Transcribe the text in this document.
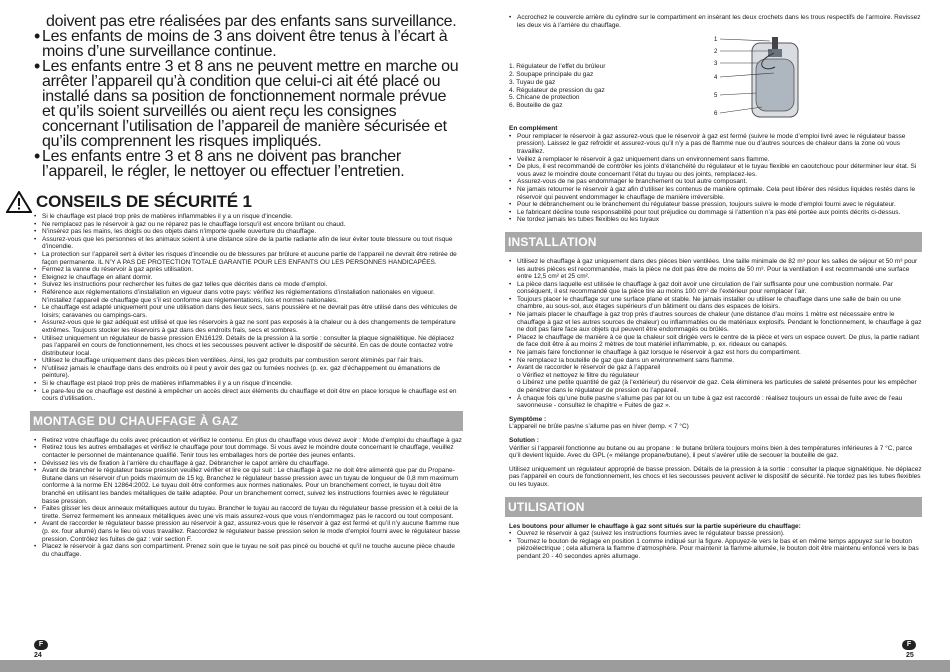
doivent pas etre réalisées par des enfants sans surveillance.
• Les enfants de moins de 3 ans doivent être tenus à l’écart à moins d’une surveillance continue.
• Les enfants entre 3 et 8 ans ne peuvent mettre en marche ou arrêter l’appareil qu’à condition que celui-ci ait été placé ou installé dans sa position de fonctionnement normale prévue et qu’ils soient surveillés ou aient reçu les consignes concernant l’utilisation de l’appareil de manière sécurisée et qu’ils comprennent les risques impliqués.
• Les enfants entre 3 et 8 ans ne doivent pas brancher l’appareil, le régler, le nettoyer ou effectuer l’entretien.
CONSEILS DE SÉCURITÉ 1
• Si le chauffage est placé trop près de matières inflammables il y a un risque d’incendie.
• Ne remplacez pas le réservoir à gaz ou ne réparez pas le chauffage lorsqu’il est encore brûlant ou chaud.
• N’insérez pas les mains, les doigts ou des objets dans n’importe quelle ouverture du chauffage.
• Assurez-vous que les personnes et les animaux soient à une distance sûre de la partie radiante afin de leur éviter toute blessure ou tout risque d’incendie.
• La protection sur l’appareil sert à éviter les risques d’incendie ou de blessures par brûlure et aucune partie de l’appareil ne devrait être retirée de façon permanente. IL N’Y A PAS DE PROTECTION TOTALE GARANTIE POUR LES ENFANTS OU LES PERSONNES HANDICAPÉES.
• Fermez la vanne du réservoir à gaz après utilisation.
• Eteignez le chauffage en allant dormir.
• Suivez les instructions pour rechercher les fuites de gaz telles que décrites dans ce mode d’emploi.
• Référence aux réglementations d’installation en vigueur dans votre pays: vérifiez les réglementations d’installation nationales en vigueur. N’installez l’appareil de chauffage que s’il est conforme aux réglementations, lois et normes nationales.
• Le chauffage est adapté uniquement pour une utilisation dans des lieux secs, sans poussière et ne devrait pas être utilisé dans des véhicules de loisirs; caravanes ou campings-cars.
• Assurez-vous que le gaz adéquat est utilisé et que les réservoirs à gaz ne sont pas exposés à la chaleur ou à des changements de température extrêmes. Toujours stocker les réservoirs à gaz dans des endroits frais, secs et sombres.
• Utilisez uniquement un régulateur de basse pression EN16129. Détails de la pression à la sortie : consulter la plaque signalétique. Ne déplacez pas l’appareil en cours de fonctionnement, les chocs et les secousses peuvent activer le dispositif de sécurité. En cas de doute contactez votre distributeur local.
• Utilisez le chauffage uniquement dans des pièces bien ventilées. Ainsi, les gaz produits par combustion seront éliminés par l’air frais.
• N’utilisez jamais le chauffage dans des endroits où il peut y avoir des gaz ou fumées nocives (p. ex. gaz d’échappement ou émanations de peinture).
• Si le chauffage est placé trop près de matières inflammables il y a un risque d’incendie.
• Le pare-feu de ce chauffage est destiné à empêcher un accès direct aux éléments du chauffage et doit être en place lorsque le chauffage est en cours d’utilisation..
MONTAGE DU CHAUFFAGE À GAZ
• Retirez votre chauffage du colis avec précaution et vérifiez le contenu. En plus du chauffage vous devez avoir : Mode d’emploi du chauffage à gaz
• Retirez tous les autres emballages et vérifiez le chauffage pour tout dommage. Si vous avez le moindre doute concernant le chauffage, veuillez contacter le personnel de maintenance qualifié. Tenir tous les emballages hors de portée des jeunes enfants.
• Dévissez les vis de fixation à l’arrière du chauffage à gaz. Débrancher le capot arrière du chauffage.
• Avant de brancher le régulateur basse pression veuillez vérifier et lire ce qui suit : Le chauffage à gaz ne doit être alimenté que par du Propane-Butane dans un réservoir d’un poids maximum de 15 kg. Branchez le régulateur basse pression avec un tuyau de longueur de 0,8 mm maximum conforme à la norme EN 12864:2002. Le tuyau doit être conformes aux normes nationales. Pour un branchement correct, le tuyau doit être branché en utilisant les bandes métalliques de taille adaptée. Pour un branchement correct, suivez les instructions fournies avec le régulateur basse pression.
• Faites glisser les deux anneaux métalliques autour du tuyau. Brancher le tuyau au raccord de tuyau du régulateur basse pression et à celui de la tirette. Serrez fermement les anneaux métalliques avec une vis mais assurez-vous que vous n’endommagez pas le raccord ou tout composant.
• Avant de raccorder le régulateur basse pression au réservoir à gaz, assurez-vous que le réservoir à gaz est fermé et qu’il n’y aucune flamme nue (p. ex. four allumé) dans le lieu où vous travaillez. Raccordez le régulateur basse pression selon le mode d’emploi fourni avec le régulateur basse pression. Contrôlez les fuites de gaz : voir section F.
• Placez le réservoir à gaz dans son compartiment. Prenez soin que le tuyau ne soit pas pincé ou bouché et qu’il ne touche aucune pièce chaude du chauffage.
• Accrochez le couvercle arrière du cylindre sur le compartiment en insérant les deux crochets dans les trous respectifs de l’armoire. Revissez les deux vis à l’arrière du chauffage.
1. Régulateur de l’effet du brûleur
2. Soupape principale du gaz
3. Tuyau de gaz
4. Régulateur de pression du gaz
5. Chicane de protection
6. Bouteille de gaz
1
2
3
4
5
6

En complément

• Pour remplacer le réservoir à gaz assurez-vous que le réservoir à gaz est fermé (suivre le mode d’emploi livré avec le régulateur basse pression). Laissez le gaz refroidir et assurez-vous qu’il n’y a pas de flamme nue ou d’autres sources de chaleur dans la zone où vous travaillez.
• Veillez à remplacer le réservoir à gaz uniquement dans un environnement sans flamme.
• De plus, il est recommandé de contrôler les joints d’étanchéité du régulateur et le tuyau flexible en caoutchouc pour déterminer leur état. Si vous avez le moindre doute concernant l’état du tuyau ou des joints, remplacez-les.
• Assurez-vous de ne pas endommager le branchement ou tout autre composant.
• Ne jamais retourner le réservoir à gaz afin d’utiliser les contenus de manière optimale. Cela peut libérer des résidus liquides restés dans le réservoir qui peuvent endommager le chauffage de manière irréversible.
• Pour le débranchement ou le branchement du régulateur basse pression, toujours suivre le mode d’emploi fourni avec le régulateur.
• Le fabricant décline toute responsabilité pour tout préjudice ou dommage si l’attention n’a pas été portée aux points décrits ci-dessus.
• Ne tordez jamais les tubes flexibles ou les tuyaux
INSTALLATION
• Utilisez le chauffage à gaz uniquement dans des pièces bien ventilées. Une taille minimale de 82 m³ pour les salles de séjour et 50 m³ pour les autres pièces est recommandée, mais la pièce ne doit pas être de moins de 50 m³. Pour la ventilation il est recommandé une surface entre 12,5 cm² et 25 cm².
• La pièce dans laquelle est utilisée le chauffage à gaz doit avoir une circulation de l’air suffisante pour une combustion normale. Par conséquent, il est recommandé que la pièce tire au moins 100 cm² de l’extérieur pour remplacer l’air.
• Toujours placer le chauffage sur une surface plane et stable. Ne jamais installer ou utiliser le chauffage dans une salle de bain ou une chambre, au sous-sol, aux étages supérieurs d’un bâtiment ou dans des espaces de loisirs.
• Ne jamais placer le chauffage à gaz trop près d’autres sources de chaleur (une distance d’au moins 1 mètre est nécessaire entre le chauffage à gaz et les autres sources de chaleur) ou inflammables ou de matériaux explosifs. Pendant le fonctionnement, le chauffage à gaz ne doit pas faire face aux objets qui peuvent être endommagés ou brûlés.
• Placez le chauffage de manière à ce que la chaleur soit dirigée vers le centre de la pièce et vers un espace ouvert. De plus, la partie radiant de face doit être à au moins 2 mètres de tout matériel inflammable, p. ex. rideaux ou canapés.
• Ne jamais faire fonctionner le chauffage à gaz lorsque le réservoir à gaz est hors du compartiment.
• Ne remplacez la bouteille de gaz que dans un environnement sans flamme.
• Avant de raccorder le réservoir de gaz à l’appareil
o Vérifiez et nettoyez le filtre du régulateur
o Libérez une petite quantité de gaz (à l’extérieur) du réservoir de gaz. Cela éliminera les particules de saleté présentes pour les empêcher de pénétrer dans le régulateur de pression ou l’appareil.
• À chaque fois qu’une bulle pas/ne s’allume pas par lot ou un tube à gaz est raccordé : réalisez toujours un essai de fuite avec de l’eau savonneuse - consultez le chapitre « Fuites de gaz ».

Symptôme :

L’appareil ne brûle pas/ne s’allume pas en hiver (temp. < 7 °C)

Solution :

Vérifier si l’appareil fonctionne au butane ou au propane : le butane brûlera toujours moins bien à des températures inférieures à 7 °C, parce qu’il devient liquide. Avec du GPL (« mélange propane/butane), il peut s’avérer utile de secouer la bouteille de gaz.

Utilisez uniquement un régulateur approprié de basse pression. Détails de la pression à la sortie : consulter la plaque signalétique. Ne déplacez pas l’appareil en cours de fonctionnement, les chocs et les secousses peuvent activer le dispositif de sécurité. Ne tordez pas les tubes flexibles ou les tuyaux.

UTILISATION

Les boutons pour allumer le chauffage à gaz sont situés sur la partie supérieure du chauffage:

• Ouvrez le réservoir à gaz (suivez les instructions fournies avec le régulateur basse pression).
• Tournez le bouton de réglage en position 1 comme indiqué sur la figure. Appuyez-le vers le bas et en même temps appuyez sur le bouton piézoélectrique ; cela allumera la flamme d’atmosphère. Pour maintenir la flamme allumée, le bouton doit être maintenu enfoncé vers le bas pendant 20 - 40 secondes après allumage.
F
24
F
25
